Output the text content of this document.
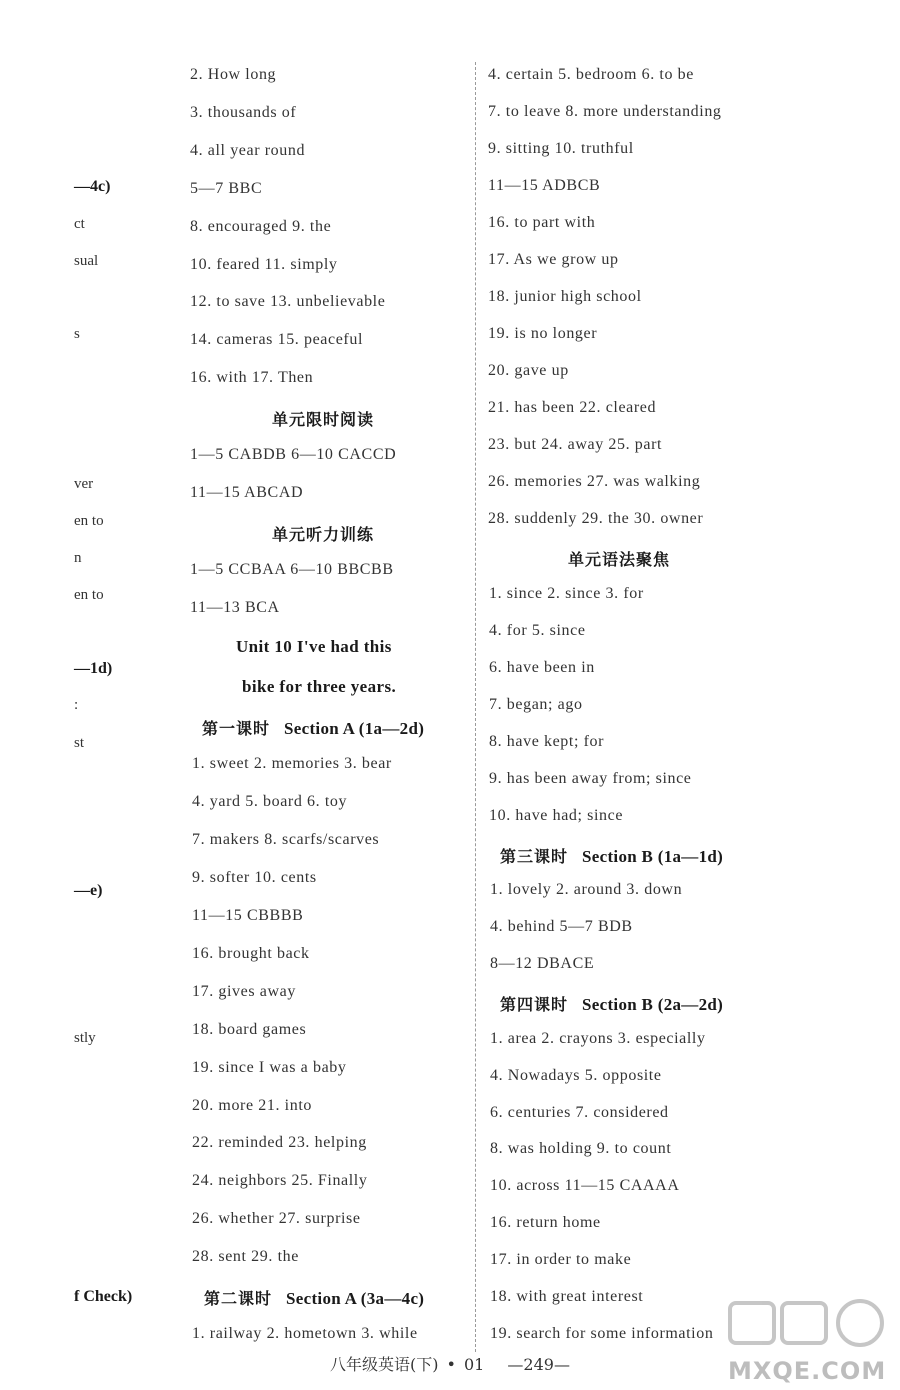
—4c)
ct
sual
s
ver
en to
n
en to
—1d)
:
st
—e)
stly
f Check)
2. How long
3. thousands of
4. all year round
5—7 BBC
8. encouraged 9. the
10. feared 11. simply
12. to save 13. unbelievable
14. cameras 15. peaceful
16. with 17. Then
单元限时阅读
1—5 CABDB 6—10 CACCD
11—15 ABCAD
单元听力训练
1—5 CCBAA 6—10 BBCBB
11—13 BCA
Unit 10 I've had this
bike for three years.
第一课时 Section A (1a—2d)
1. sweet 2. memories 3. bear
4. yard 5. board 6. toy
7. makers 8. scarfs/scarves
9. softer 10. cents
11—15 CBBBB
16. brought back
17. gives away
18. board games
19. since I was a baby
20. more 21. into
22. reminded 23. helping
24. neighbors 25. Finally
26. whether 27. surprise
28. sent 29. the
第二课时 Section A (3a—4c)
1. railway 2. hometown 3. while
4. certain 5. bedroom 6. to be
7. to leave 8. more understanding
9. sitting 10. truthful
11—15 ADBCB
16. to part with
17. As we grow up
18. junior high school
19. is no longer
20. gave up
21. has been 22. cleared
23. but 24. away 25. part
26. memories 27. was walking
28. suddenly 29. the 30. owner
单元语法聚焦
1. since 2. since 3. for
4. for 5. since
6. have been in
7. began; ago
8. have kept; for
9. has been away from; since
10. have had; since
第三课时 Section B (1a—1d)
1. lovely 2. around 3. down
4. behind 5—7 BDB
8—12 DBACE
第四课时 Section B (2a—2d)
1. area 2. crayons 3. especially
4. Nowadays 5. opposite
6. centuries 7. considered
8. was holding 9. to count
10. across 11—15 CAAAA
16. return home
17. in order to make
18. with great interest
19. search for some information
MXQE.COM
八年级英语(下) • 01 —249—
